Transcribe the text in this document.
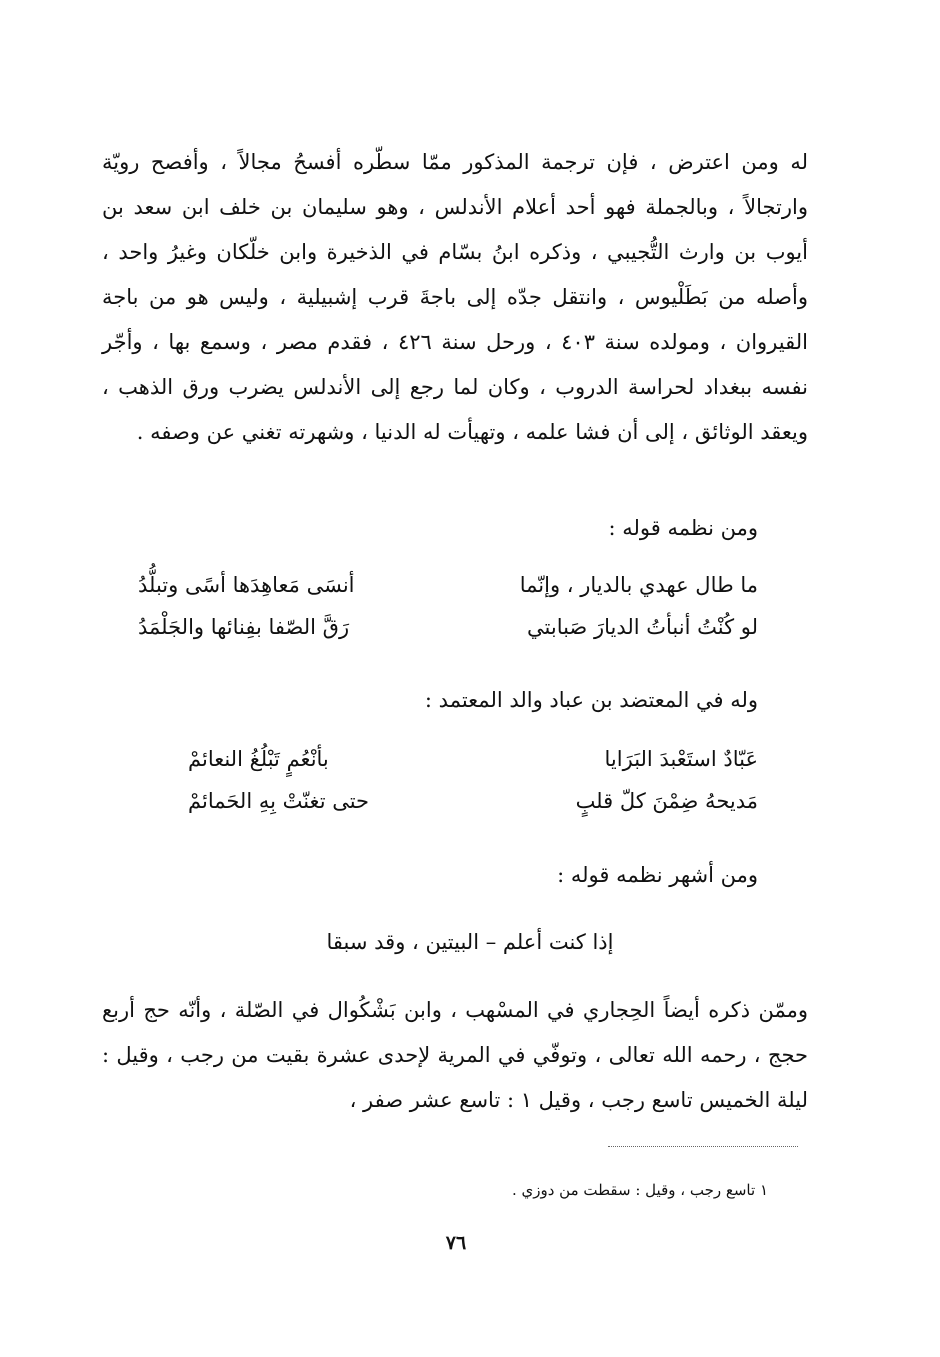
له ومن اعترض ، فإن ترجمة المذكور ممّا سطّره أفسحُ مجالاً ، وأفصح رويّة وارتجالاً ، وبالجملة فهو أحد أعلام الأندلس ، وهو سليمان بن خلف ابن سعد بن أيوب بن وارث التُّجيبي ، وذكره ابنُ بسّام في الذخيرة وابن خلّكان وغيرُ واحد ، وأصله من بَطَلْيوس ، وانتقل جدّه إلى باجةَ قرب إشبيلية ، وليس هو من باجة القيروان ، ومولده سنة ٤٠٣ ، ورحل سنة ٤٢٦ ، فقدم مصر ، وسمع بها ، وأجّر نفسه ببغداد لحراسة الدروب ، وكان لما رجع إلى الأندلس يضرب ورق الذهب ، ويعقد الوثائق ، إلى أن فشا علمه ، وتهيأت له الدنيا ، وشهرته تغني عن وصفه .

ومن نظمه قوله :

ما طال عهدي بالديار ، وإنّما
أنسَى مَعاهِدَها أسًى وتبلُّدُ
لو كُنْتُ أنبأتُ الديارَ صَبابتي
رَقَّ الصّفا بفِنائها والجَلْمَدُ

وله في المعتضد بن عباد والد المعتمد :

عَبّادٌ استَعْبدَ البَرَايا
بأنْعُمٍ تَبْلُغُ النعائمْ
مَديحهُ ضِمْنَ كلّ قلبٍ
حتى تغنّتْ بِهِ الحَمائمْ

ومن أشهر نظمه قوله :

إذا كنت أعلم – البيتين ، وقد سبقا

وممّن ذكره أيضاً الحِجاري في المسْهب ، وابن بَشْكُوال في الصّلة ، وأنّه حج أربع حجج ، رحمه الله تعالى ، وتوفّي في المرية لإحدى عشرة بقيت من رجب ، وقيل : ليلة الخميس تاسع رجب ، وقيل ١ : تاسع عشر صفر ،

١ تاسع رجب ، وقيل : سقطت من دوزي .

٧٦
